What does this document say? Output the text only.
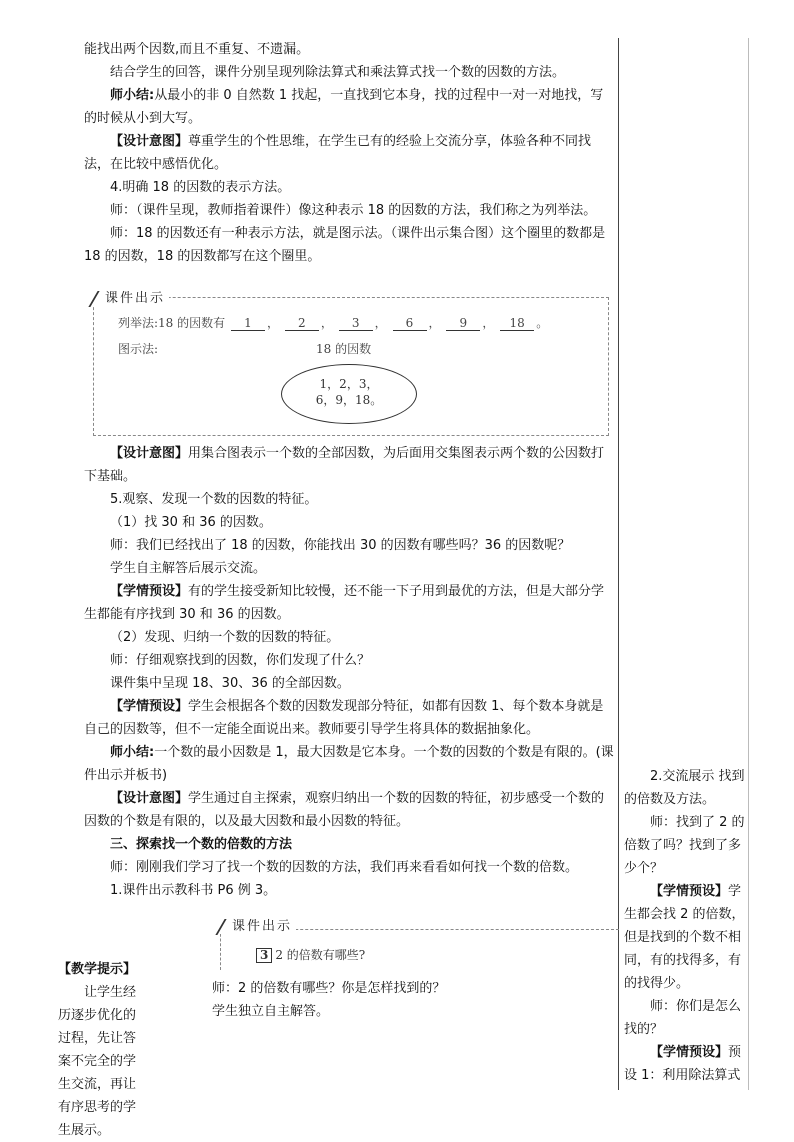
能找出两个因数,而且不重复、不遗漏。

结合学生的回答，课件分别呈现列除法算式和乘法算式找一个数的因数的方法。

师小结:从最小的非 0 自然数 1 找起，一直找到它本身，找的过程中一对一对地找，写的时候从小到大写。

【设计意图】尊重学生的个性思维，在学生已有的经验上交流分享，体验各种不同找法，在比较中感悟优化。

4.明确 18 的因数的表示方法。

师：（课件呈现，教师指着课件）像这种表示 18 的因数的方法，我们称之为列举法。

师：18 的因数还有一种表示方法，就是图示法。（课件出示集合图）这个圈里的数都是 18 的因数，18 的因数都写在这个圈里。

课件出示
列举法:18 的因数有 1 ， 2 ， 3 ， 6 ， 9 ， 18 。
图示法:	18 的因数
1，2，3，
6，9，18。

【设计意图】用集合图表示一个数的全部因数，为后面用交集图表示两个数的公因数打下基础。

5.观察、发现一个数的因数的特征。

（1）找 30 和 36 的因数。

师：我们已经找出了 18 的因数，你能找出 30 的因数有哪些吗？36 的因数呢？

学生自主解答后展示交流。

【学情预设】有的学生接受新知比较慢，还不能一下子用到最优的方法，但是大部分学生都能有序找到 30 和 36 的因数。

（2）发现、归纳一个数的因数的特征。

师：仔细观察找到的因数，你们发现了什么？

课件集中呈现 18、30、36 的全部因数。

【学情预设】学生会根据各个数的因数发现部分特征，如都有因数 1、每个数本身就是自己的因数等，但不一定能全面说出来。教师要引导学生将具体的数据抽象化。

师小结:一个数的最小因数是 1，最大因数是它本身。一个数的因数的个数是有限的。(课件出示并板书)

【设计意图】学生通过自主探索，观察归纳出一个数的因数的特征，初步感受一个数的因数的个数是有限的，以及最大因数和最小因数的特征。

三、探索找一个数的倍数的方法

师：刚刚我们学习了找一个数的因数的方法，我们再来看看如何找一个数的倍数。

1.课件出示教科书 P6 例 3。

课件出示
3 2 的倍数有哪些?

师：2 的倍数有哪些？你是怎样找到的？

学生独立自主解答。

【教学提示】
让学生经历逐步优化的过程，先让答案不完全的学生交流，再让有序思考的学生展示。

2.交流展示 找到的倍数及方法。

师：找到了 2 的倍数了吗？找到了多少个？

【学情预设】学生都会找 2 的倍数，但是找到的个数不相同，有的找得多，有的找得少。

师：你们是怎么找的？

【学情预设】预设 1：利用除法算式
